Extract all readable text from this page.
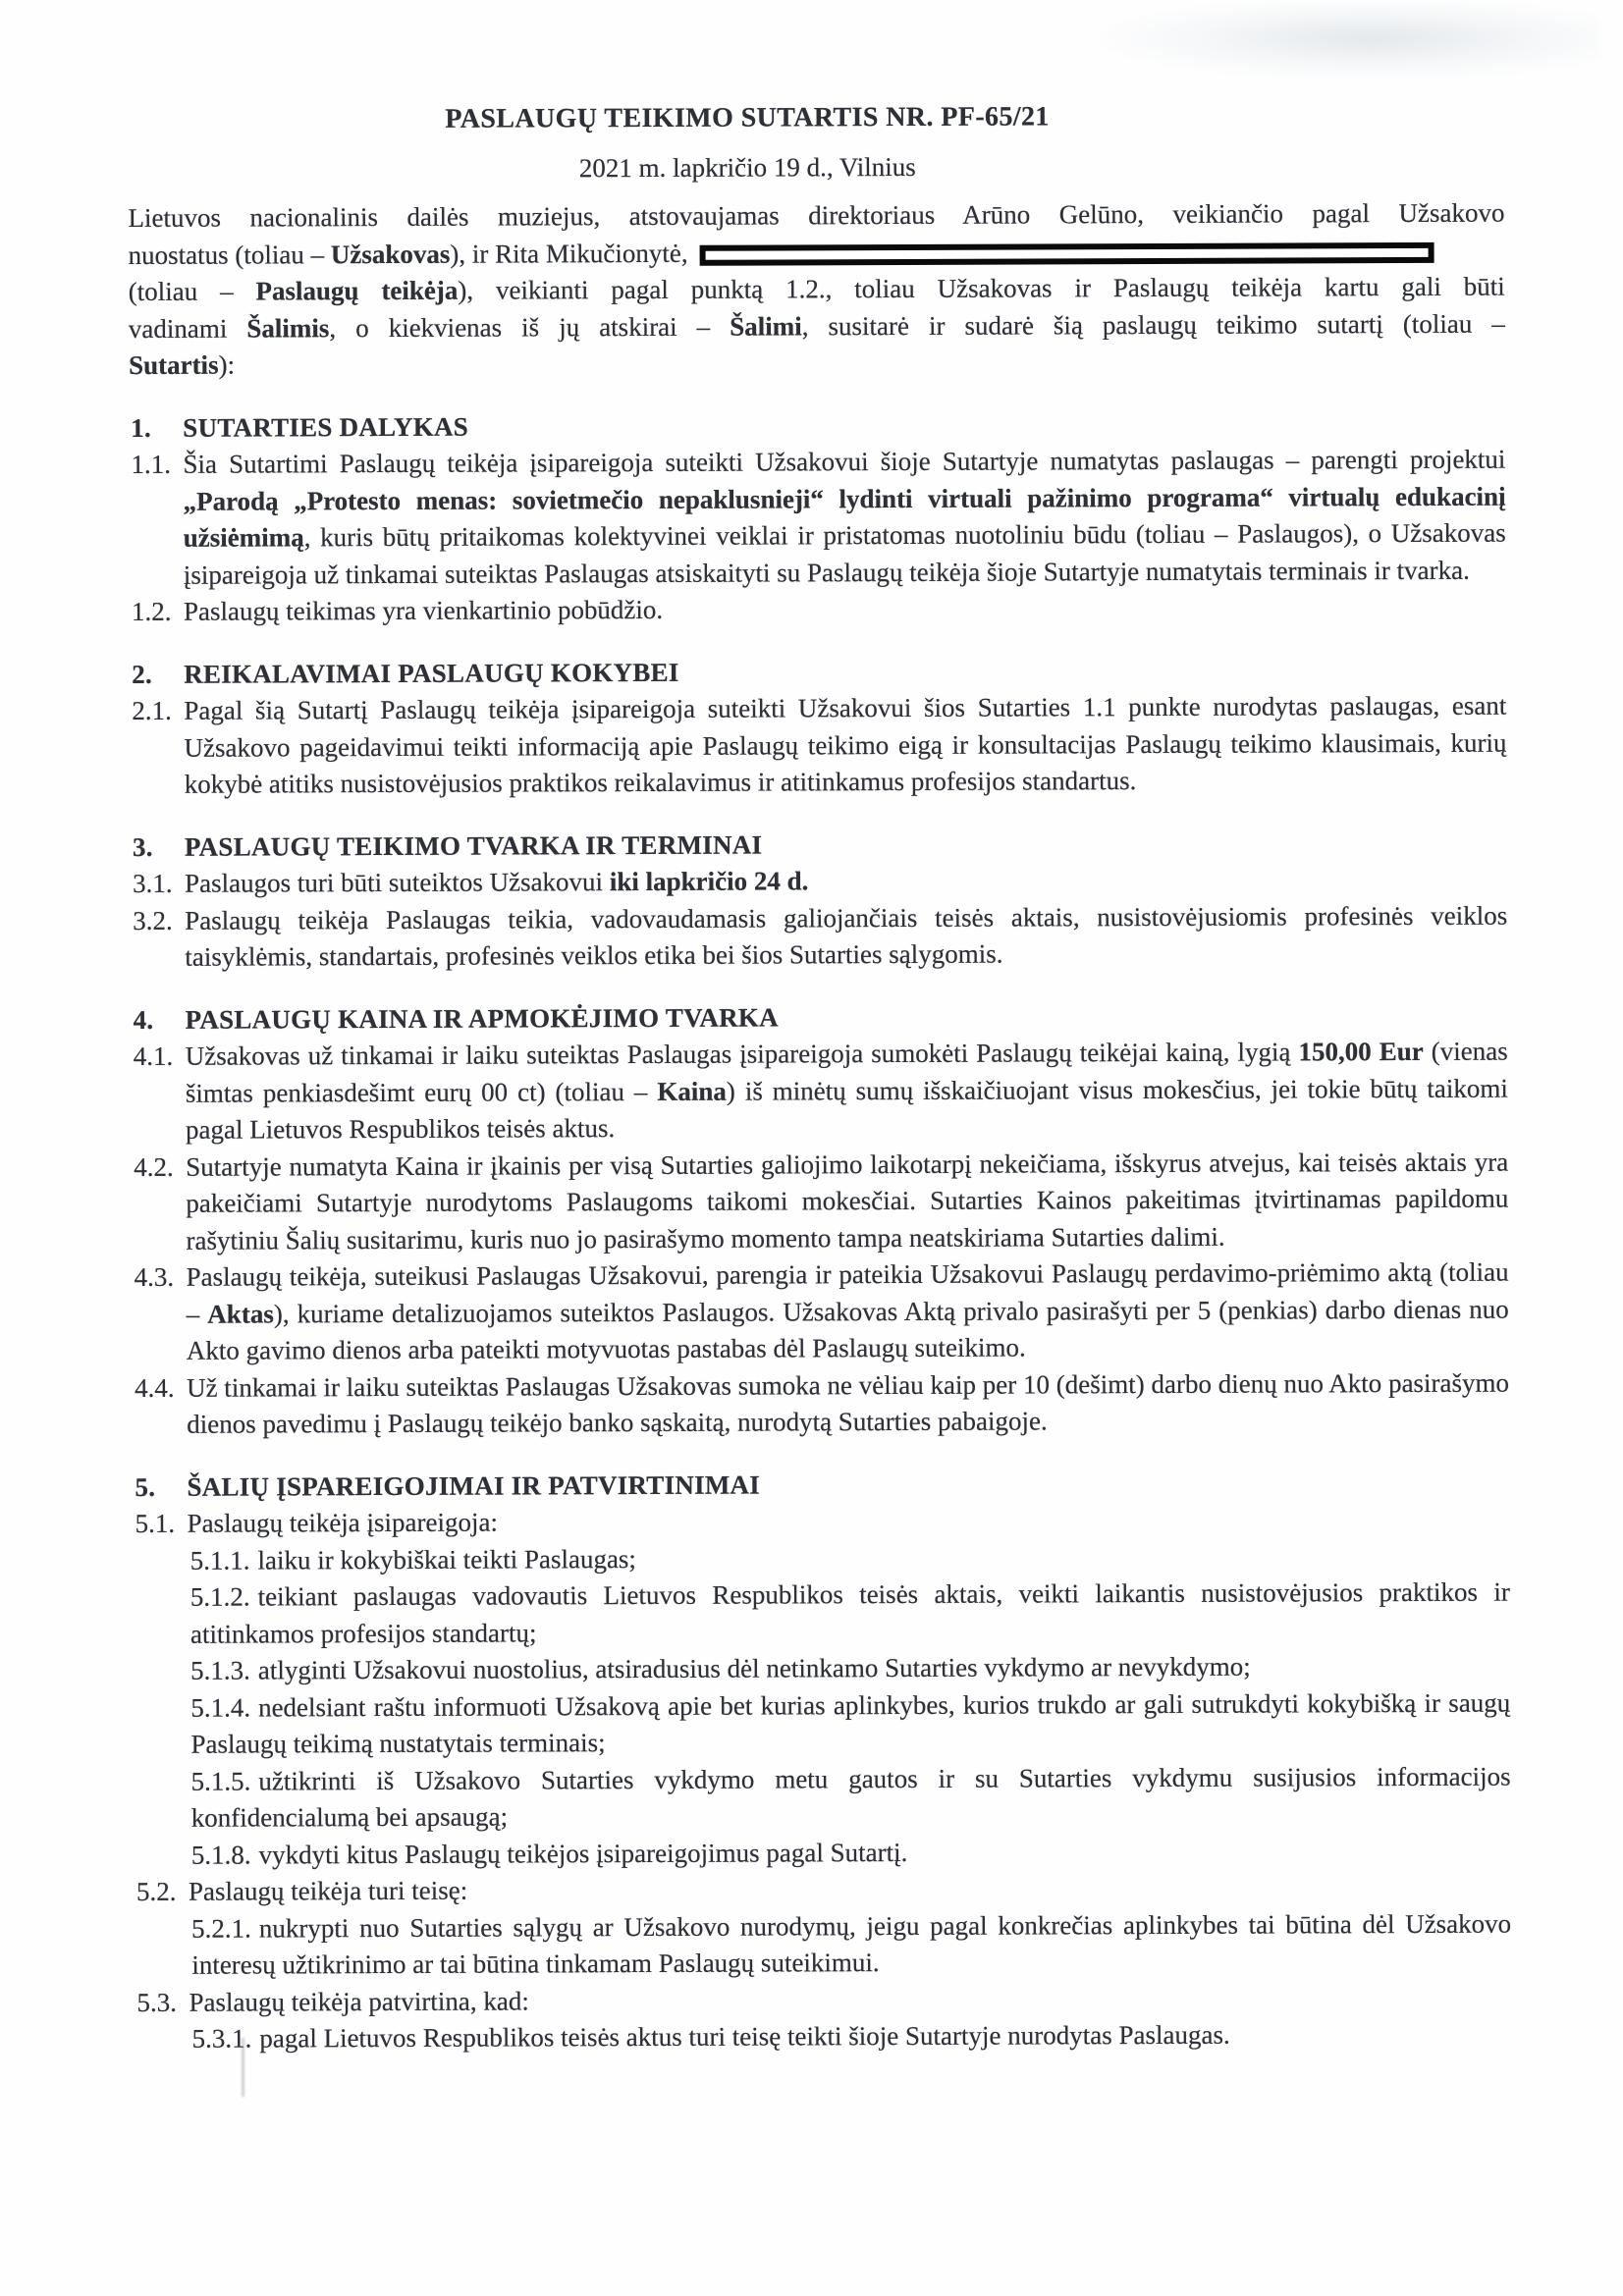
PASLAUGŲ TEIKIMO SUTARTIS NR. PF-65/21
2021 m. lapkričio 19 d., Vilnius
Lietuvos nacionalinis dailės muziejus, atstovaujamas direktoriaus Arūno Gelūno, veikiančio pagal Užsakovo
nuostatus (toliau – Užsakovas), ir Rita Mikučionytė,
(toliau – Paslaugų teikėja), veikianti pagal punktą 1.2., toliau Užsakovas ir Paslaugų teikėja kartu gali būti
vadinami Šalimis, o kiekvienas iš jų atskirai – Šalimi, susitarė ir sudarė šią paslaugų teikimo sutartį (toliau –
Sutartis):
1. SUTARTIES DALYKAS
1.1. Šia Sutartimi Paslaugų teikėja įsipareigoja suteikti Užsakovui šioje Sutartyje numatytas paslaugas – parengti projektui „Parodą „Protesto menas: sovietmečio nepaklusnieji“ lydinti virtuali pažinimo programa“ virtualų edukacinį užsiėmimą, kuris būtų pritaikomas kolektyvinei veiklai ir pristatomas nuotoliniu būdu (toliau – Paslaugos), o Užsakovas įsipareigoja už tinkamai suteiktas Paslaugas atsiskaityti su Paslaugų teikėja šioje Sutartyje numatytais terminais ir tvarka.
1.2. Paslaugų teikimas yra vienkartinio pobūdžio.
2. REIKALAVIMAI PASLAUGŲ KOKYBEI
2.1. Pagal šią Sutartį Paslaugų teikėja įsipareigoja suteikti Užsakovui šios Sutarties 1.1 punkte nurodytas paslaugas, esant Užsakovo pageidavimui teikti informaciją apie Paslaugų teikimo eigą ir konsultacijas Paslaugų teikimo klausimais, kurių kokybė atitiks nusistovėjusios praktikos reikalavimus ir atitinkamus profesijos standartus.
3. PASLAUGŲ TEIKIMO TVARKA IR TERMINAI
3.1. Paslaugos turi būti suteiktos Užsakovui iki lapkričio 24 d.
3.2. Paslaugų teikėja Paslaugas teikia, vadovaudamasis galiojančiais teisės aktais, nusistovėjusiomis profesinės veiklos taisyklėmis, standartais, profesinės veiklos etika bei šios Sutarties sąlygomis.
4. PASLAUGŲ KAINA IR APMOKĖJIMO TVARKA
4.1. Užsakovas už tinkamai ir laiku suteiktas Paslaugas įsipareigoja sumokėti Paslaugų teikėjai kainą, lygią 150,00 Eur (vienas šimtas penkiasdešimt eurų 00 ct) (toliau – Kaina) iš minėtų sumų išskaičiuojant visus mokesčius, jei tokie būtų taikomi pagal Lietuvos Respublikos teisės aktus.
4.2. Sutartyje numatyta Kaina ir įkainis per visą Sutarties galiojimo laikotarpį nekeičiama, išskyrus atvejus, kai teisės aktais yra pakeičiami Sutartyje nurodytoms Paslaugoms taikomi mokesčiai. Sutarties Kainos pakeitimas įtvirtinamas papildomu rašytiniu Šalių susitarimu, kuris nuo jo pasirašymo momento tampa neatskiriama Sutarties dalimi.
4.3. Paslaugų teikėja, suteikusi Paslaugas Užsakovui, parengia ir pateikia Užsakovui Paslaugų perdavimo-priėmimo aktą (toliau – Aktas), kuriame detalizuojamos suteiktos Paslaugos. Užsakovas Aktą privalo pasirašyti per 5 (penkias) darbo dienas nuo Akto gavimo dienos arba pateikti motyvuotas pastabas dėl Paslaugų suteikimo.
4.4. Už tinkamai ir laiku suteiktas Paslaugas Užsakovas sumoka ne vėliau kaip per 10 (dešimt) darbo dienų nuo Akto pasirašymo dienos pavedimu į Paslaugų teikėjo banko sąskaitą, nurodytą Sutarties pabaigoje.
5. ŠALIŲ ĮSPAREIGOJIMAI IR PATVIRTINIMAI
5.1. Paslaugų teikėja įsipareigoja:
5.1.1. laiku ir kokybiškai teikti Paslaugas;
5.1.2. teikiant paslaugas vadovautis Lietuvos Respublikos teisės aktais, veikti laikantis nusistovėjusios praktikos ir atitinkamos profesijos standartų;
5.1.3. atlyginti Užsakovui nuostolius, atsiradusius dėl netinkamo Sutarties vykdymo ar nevykdymo;
5.1.4. nedelsiant raštu informuoti Užsakovą apie bet kurias aplinkybes, kurios trukdo ar gali sutrukdyti kokybišką ir saugų Paslaugų teikimą nustatytais terminais;
5.1.5. užtikrinti iš Užsakovo Sutarties vykdymo metu gautos ir su Sutarties vykdymu susijusios informacijos konfidencialumą bei apsaugą;
5.1.8. vykdyti kitus Paslaugų teikėjos įsipareigojimus pagal Sutartį.
5.2. Paslaugų teikėja turi teisę:
5.2.1. nukrypti nuo Sutarties sąlygų ar Užsakovo nurodymų, jeigu pagal konkrečias aplinkybes tai būtina dėl Užsakovo interesų užtikrinimo ar tai būtina tinkamam Paslaugų suteikimui.
5.3. Paslaugų teikėja patvirtina, kad:
5.3.1. pagal Lietuvos Respublikos teisės aktus turi teisę teikti šioje Sutartyje nurodytas Paslaugas.
